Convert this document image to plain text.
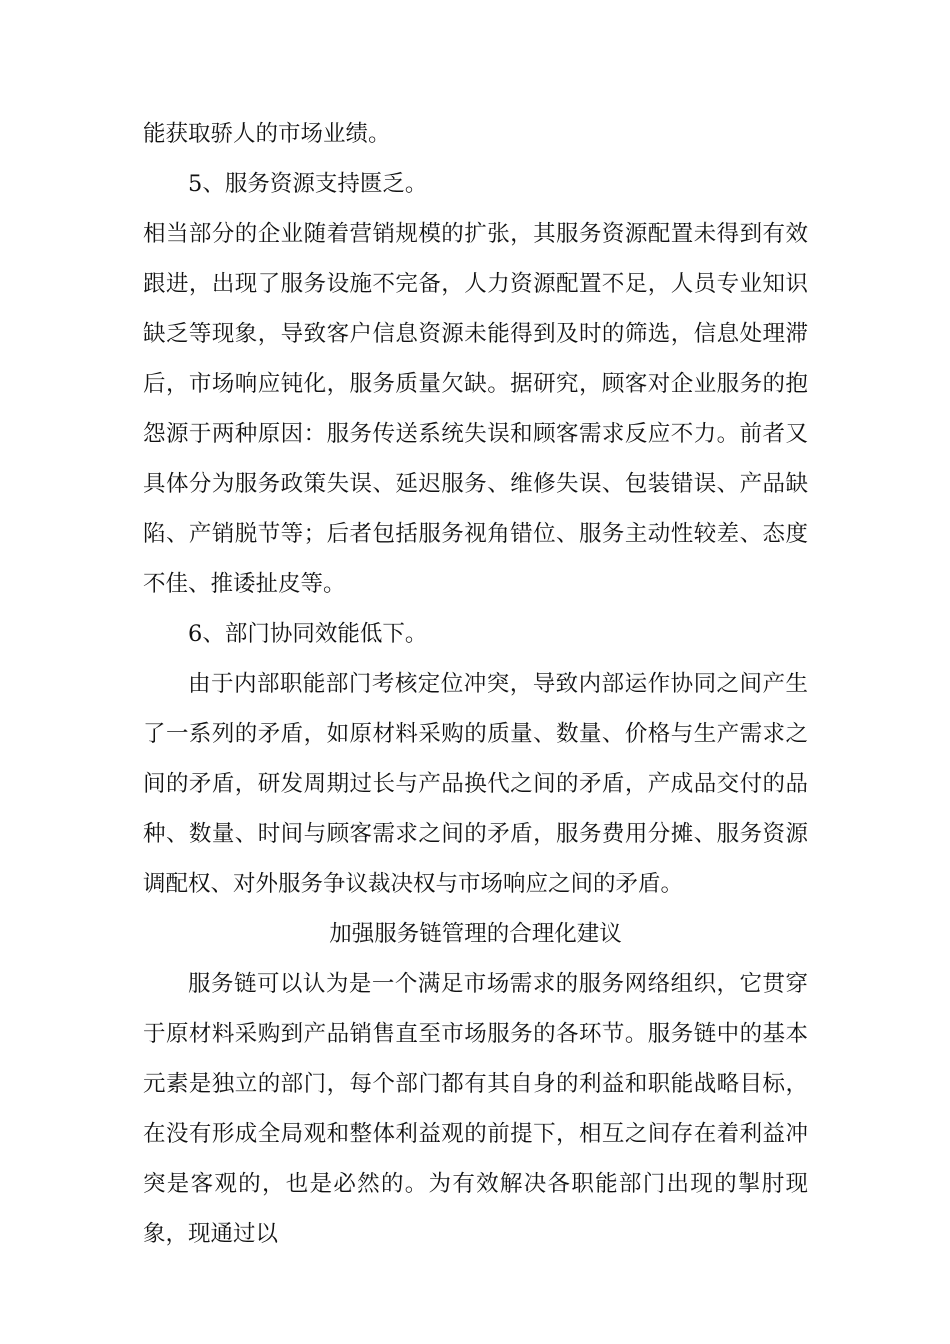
能获取骄人的市场业绩。

5、服务资源支持匮乏。

相当部分的企业随着营销规模的扩张，其服务资源配置未得到有效跟进，出现了服务设施不完备，人力资源配置不足，人员专业知识缺乏等现象，导致客户信息资源未能得到及时的筛选，信息处理滞后，市场响应钝化，服务质量欠缺。据研究，顾客对企业服务的抱怨源于两种原因：服务传送系统失误和顾客需求反应不力。前者又具体分为服务政策失误、延迟服务、维修失误、包装错误、产品缺陷、产销脱节等；后者包括服务视角错位、服务主动性较差、态度不佳、推诿扯皮等。

6、部门协同效能低下。

由于内部职能部门考核定位冲突，导致内部运作协同之间产生了一系列的矛盾，如原材料采购的质量、数量、价格与生产需求之间的矛盾，研发周期过长与产品换代之间的矛盾，产成品交付的品种、数量、时间与顾客需求之间的矛盾，服务费用分摊、服务资源调配权、对外服务争议裁决权与市场响应之间的矛盾。

加强服务链管理的合理化建议

服务链可以认为是一个满足市场需求的服务网络组织，它贯穿于原材料采购到产品销售直至市场服务的各环节。服务链中的基本元素是独立的部门，每个部门都有其自身的利益和职能战略目标，在没有形成全局观和整体利益观的前提下，相互之间存在着利益冲突是客观的，也是必然的。为有效解决各职能部门出现的掣肘现象，现通过以
